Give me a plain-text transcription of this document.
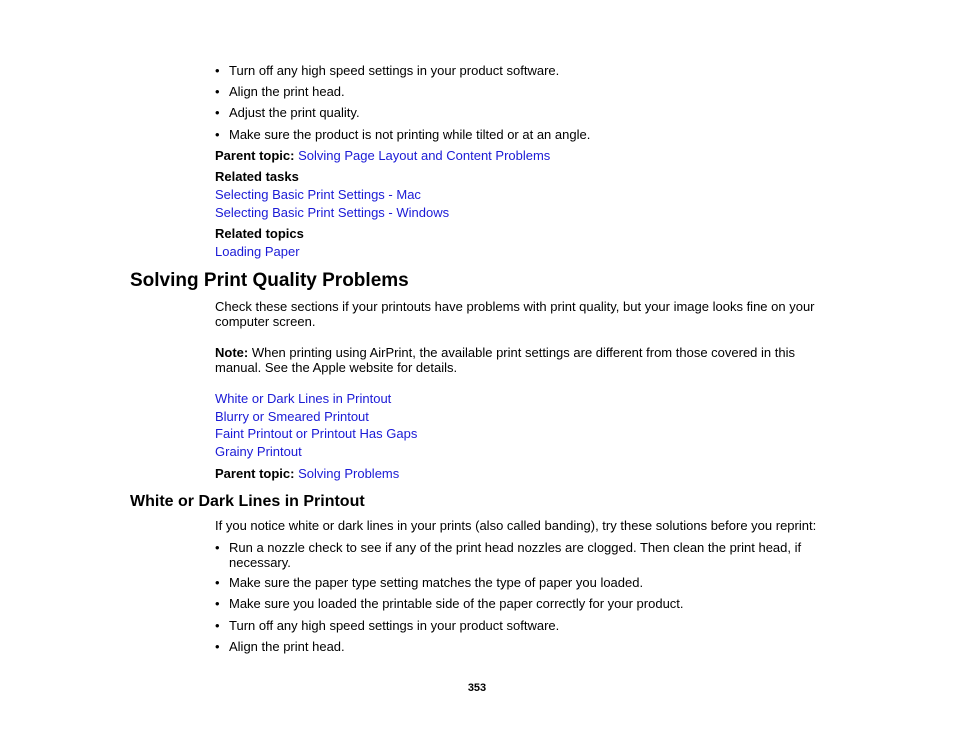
• Turn off any high speed settings in your product software.
• Align the print head.
• Adjust the print quality.
• Make sure the product is not printing while tilted or at an angle.
Parent topic: Solving Page Layout and Content Problems
Related tasks
Selecting Basic Print Settings - Mac
Selecting Basic Print Settings - Windows
Related topics
Loading Paper
Solving Print Quality Problems
Check these sections if your printouts have problems with print quality, but your image looks fine on your
computer screen.
Note: When printing using AirPrint, the available print settings are different from those covered in this
manual. See the Apple website for details.
White or Dark Lines in Printout
Blurry or Smeared Printout
Faint Printout or Printout Has Gaps
Grainy Printout
Parent topic: Solving Problems
White or Dark Lines in Printout
If you notice white or dark lines in your prints (also called banding), try these solutions before you reprint:
• Run a nozzle check to see if any of the print head nozzles are clogged. Then clean the print head, if
necessary.
• Make sure the paper type setting matches the type of paper you loaded.
• Make sure you loaded the printable side of the paper correctly for your product.
• Turn off any high speed settings in your product software.
• Align the print head.
353
